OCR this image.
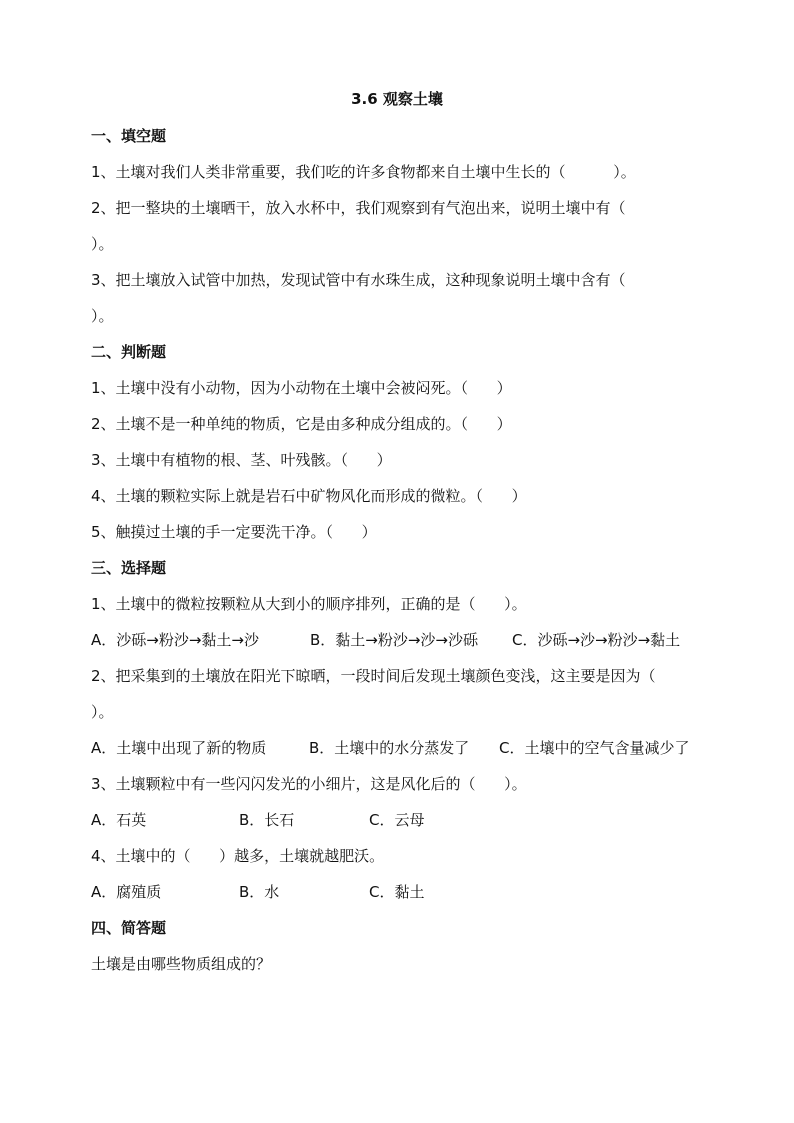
3.6 观察土壤
一、填空题
1、土壤对我们人类非常重要，我们吃的许多食物都来自土壤中生长的（          ）。
2、把一整块的土壤晒干，放入水杯中，我们观察到有气泡出来，说明土壤中有（
）。
3、把土壤放入试管中加热，发现试管中有水珠生成，这种现象说明土壤中含有（
）。
二、判断题
1、土壤中没有小动物，因为小动物在土壤中会被闷死。（      ）
2、土壤不是一种单纯的物质，它是由多种成分组成的。（      ）
3、土壤中有植物的根、茎、叶残骸。（      ）
4、土壤的颗粒实际上就是岩石中矿物风化而形成的微粒。（      ）
5、触摸过土壤的手一定要洗干净。（      ）
三、选择题
1、土壤中的微粒按颗粒从大到小的顺序排列，正确的是（      ）。

A．沙砾→粉沙→黏土→沙

	B．黏土→粉沙→沙→沙砾

C．沙砾→沙→粉沙→黏土

2、把采集到的土壤放在阳光下晾晒，一段时间后发现土壤颜色变浅，这主要是因为（
）。

A．土壤中出现了新的物质

	B．土壤中的水分蒸发了

C．土壤中的空气含量减少了

3、土壤颗粒中有一些闪闪发光的小细片，这是风化后的（      ）。

A．石英

	B．长石

	C．云母

4、土壤中的（      ）越多，土壤就越肥沃。

A．腐殖质

	B．水

	C．黏土

四、简答题
土壤是由哪些物质组成的？
